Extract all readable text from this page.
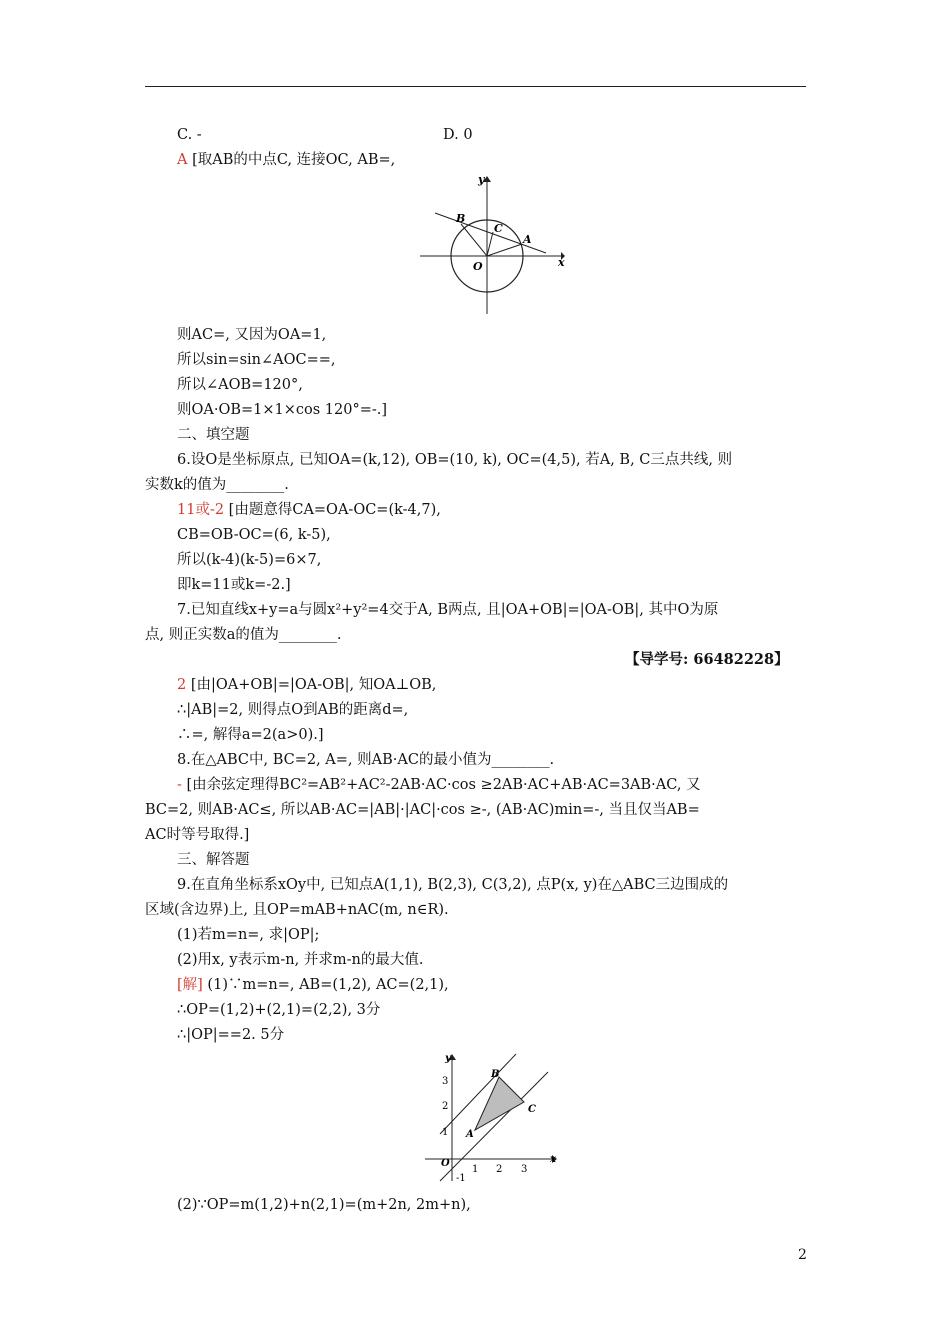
C. -
A [取AB的中点C, 连接OC, AB=,
则AC=, 又因为OA=1,
所以sin=sin∠AOC==,
所以∠AOB=120°,
则OA·OB=1×1×cos 120°=-.]
二、填空题
6.设O是坐标原点, 已知OA=(k,12), OB=(10, k), OC=(4,5), 若A, B, C三点共线, 则
实数k的值为________.
11或-2 [由题意得CA=OA-OC=(k-4,7),
CB=OB-OC=(6, k-5),
所以(k-4)(k-5)=6×7,
即k=11或k=-2.]
7.已知直线x+y=a与圆x²+y²=4交于A, B两点, 且|OA+OB|=|OA-OB|, 其中O为原
点, 则正实数a的值为________.
【导学号: 66482228】
2 [由|OA+OB|=|OA-OB|, 知OA⊥OB,
∴|AB|=2, 则得点O到AB的距离d=,
∴=, 解得a=2(a>0).]
8.在△ABC中, BC=2, A=, 则AB·AC的最小值为________.
- [由余弦定理得BC²=AB²+AC²-2AB·AC·cos ≥2AB·AC+AB·AC=3AB·AC, 又
BC=2, 则AB·AC≤, 所以AB·AC=|AB|·|AC|·cos ≥-, (AB·AC)min=-, 当且仅当AB=
AC时等号取得.]
三、解答题
9.在直角坐标系xOy中, 已知点A(1,1), B(2,3), C(3,2), 点P(x, y)在△ABC三边围成的
区域(含边界)上, 且OP=mAB+nAC(m, n∈R).
(1)若m=n=, 求|OP|;
(2)用x, y表示m-n, 并求m-n的最大值.
[解] (1)∵m=n=, AB=(1,2), AC=(2,1),
∴OP=(1,2)+(2,1)=(2,2), 3分
∴|OP|==2. 5分
(2)∵OP=m(1,2)+n(2,1)=(m+2n, 2m+n),
D. 0
y
x
O
A
B
C
y
x
O
1 2 3
-1
1
2
3
A
B
C
2
